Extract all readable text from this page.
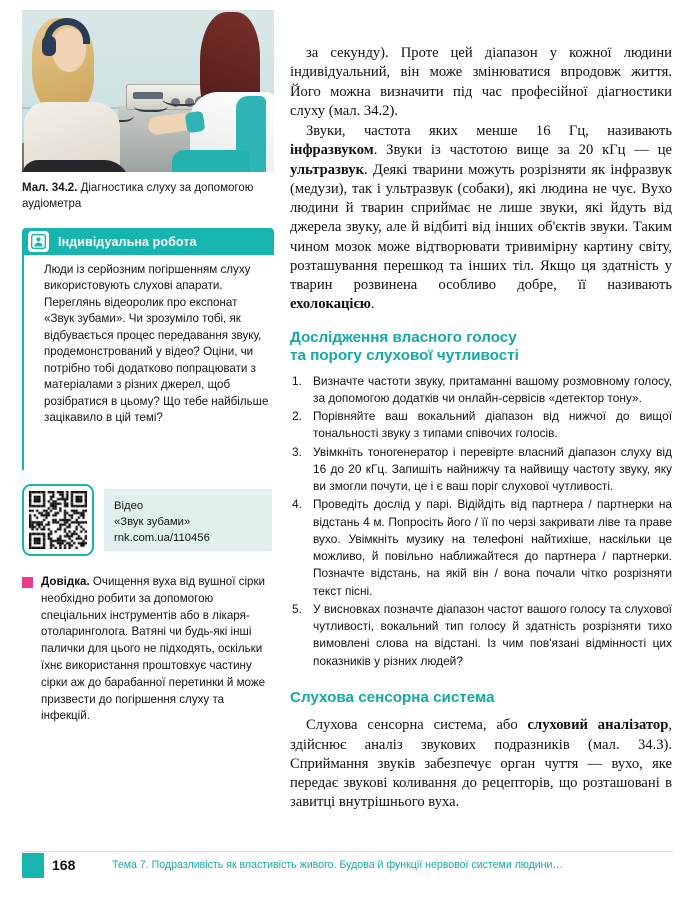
Мал. 34.2. Діагностика слуху за допомогою аудіометра
Індивідуальна робота
Люди із серйозним погіршенням слуху використовують слухові апарати. Переглянь відеоролик про експонат «Звук зубами». Чи зрозуміло тобі, як відбувається процес передавання звуку, продемонстрований у відео? Оціни, чи потрібно тобі додатково попрацювати з матеріалами з різних джерел, щоб розібратися в цьому? Що тебе найбільше зацікавило в цій темі?
Відео
«Звук зубами»
rnk.com.ua/110456
Довідка. Очищення вуха від вушної сірки необхідно робити за допомогою спеціальних інструментів або в лікаря-отоларинголога. Ватяні чи будь-які інші палички для цього не підходять, оскільки їхнє використання проштовхує частину сірки аж до барабанної перетинки й може призвести до погіршення слуху та інфекцій.

за секунду). Проте цей діапазон у кожної людини індивідуальний, він може змінюватися впродовж життя. Його можна визначити під час професійної діагностики слуху (мал. 34.2).

Звуки, частота яких менше 16 Гц, називають інфразвуком. Звуки із частотою вище за 20 кГц — це ультразвук. Деякі тварини можуть розрізняти як інфразвук (медузи), так і ультразвук (собаки), які людина не чує. Вухо людини й тварин сприймає не лише звуки, які йдуть від джерела звуку, але й відбиті від інших об'єктів звуки. Таким чином мозок може відтворювати тривимірну картину світу, розташування перешкод та інших тіл. Якщо ця здатність у тварин розвинена особливо добре, її називають ехолокацією.

Дослідження власного голосу
та порогу слухової чутливості
1. Визначте частоти звуку, притаманні вашому розмовному голосу, за допомогою додатків чи онлайн-сервісів «детектор тону».
2. Порівняйте ваш вокальний діапазон від нижчої до вищої тональності звуку з типами співочих голосів.
3. Увімкніть тоногенератор і перевірте власний діапазон слуху від 16 до 20 кГц. Запишіть найнижчу та найвищу частоту звуку, яку ви змогли почути, це і є ваш поріг слухової чутливості.
4. Проведіть дослід у парі. Відійдіть від партнера / партнерки на відстань 4 м. Попросіть його / її по черзі закривати ліве та праве вухо. Увімкніть музику на телефоні найтихіше, наскільки це можливо, й повільно наближайтеся до партнера / партнерки. Позначте відстань, на якій він / вона почали чітко розрізняти текст пісні.
5. У висновках позначте діапазон частот вашого голосу та слухової чутливості, вокальний тип голосу й здатність розрізняти тихо вимовлені слова на відстані. Із чим пов'язані відмінності цих показників у різних людей?
Слухова сенсорна система

Слухова сенсорна система, або слуховий аналізатор, здійснює аналіз звукових подразників (мал. 34.3). Сприймання звуків забезпечує орган чуття — вухо, яке передає звукові коливання до рецепторів, що розташовані в завитці внутрішнього вуха.

168	Тема 7. Подразливість як властивість живого. Будова й функції нервової системи людини…
